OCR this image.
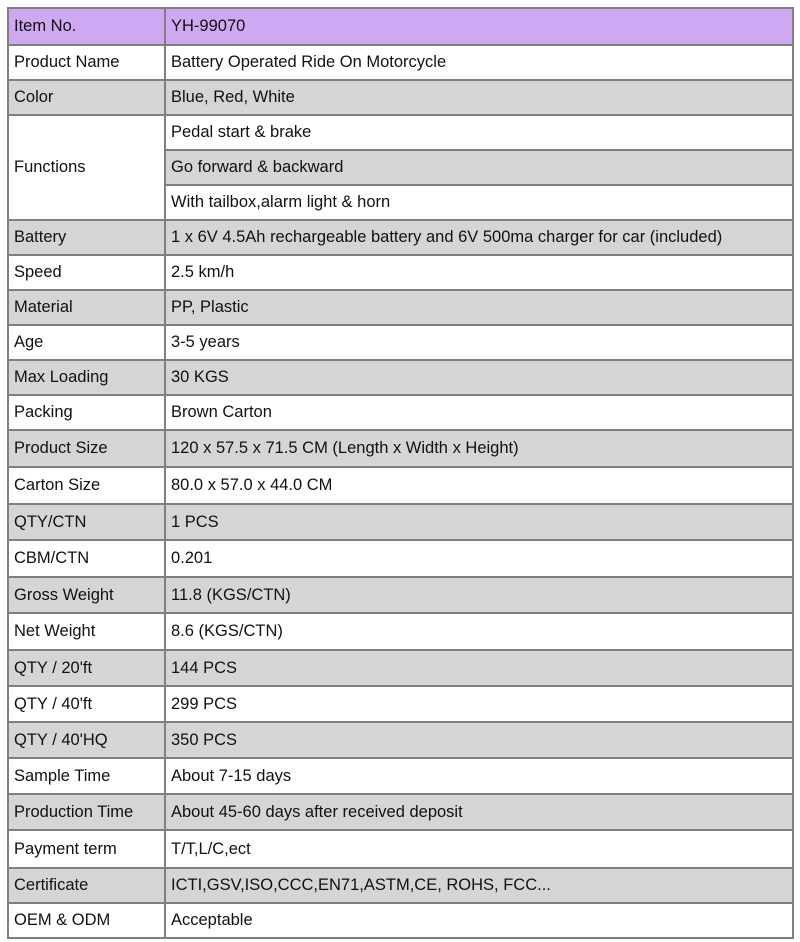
Item No.	YH-99070
Product Name	Battery Operated Ride On Motorcycle
Color	Blue, Red, White
Functions	Pedal start & brake
	Go forward & backward
	With tailbox,alarm light & horn
Battery	1 x 6V 4.5Ah rechargeable battery and 6V 500ma charger for car (included)
Speed	2.5 km/h
Material	PP, Plastic
Age	3-5 years
Max Loading	30 KGS
Packing	Brown Carton
Product Size	120 x 57.5 x 71.5 CM (Length x Width x Height)
Carton Size	80.0 x 57.0 x 44.0 CM
QTY/CTN	1 PCS
CBM/CTN	0.201
Gross Weight	11.8 (KGS/CTN)
Net Weight	8.6 (KGS/CTN)
QTY / 20'ft	144 PCS
QTY / 40'ft	299 PCS
QTY / 40'HQ	350 PCS
Sample Time	About 7-15 days
Production Time	About 45-60 days after received deposit
Payment term	T/T,L/C,ect
Certificate	ICTI,GSV,ISO,CCC,EN71,ASTM,CE, ROHS, FCC...
OEM & ODM	Acceptable
